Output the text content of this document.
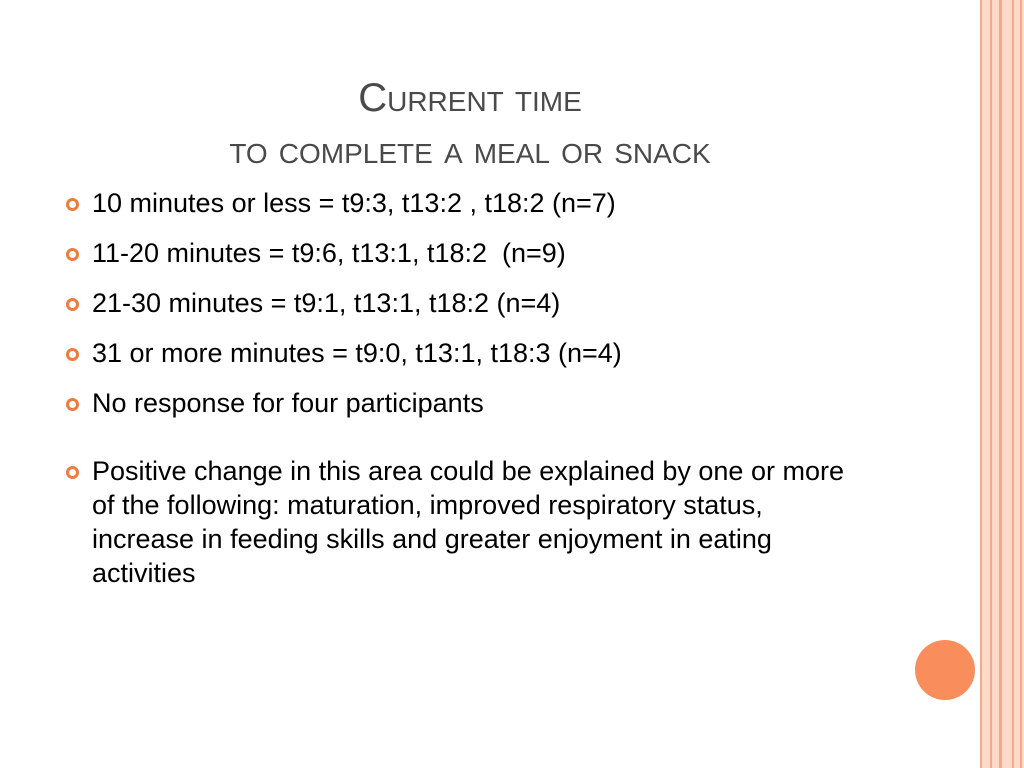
Current time
to complete a meal or snack
10 minutes or less = t9:3, t13:2 , t18:2 (n=7)
11-20 minutes = t9:6, t13:1, t18:2  (n=9)
21-30 minutes = t9:1, t13:1, t18:2 (n=4)
31 or more minutes = t9:0, t13:1, t18:3 (n=4)
No response for four participants
Positive change in this area could be explained by one or more of the following: maturation, improved respiratory status, increase in feeding skills and greater enjoyment in eating activities
